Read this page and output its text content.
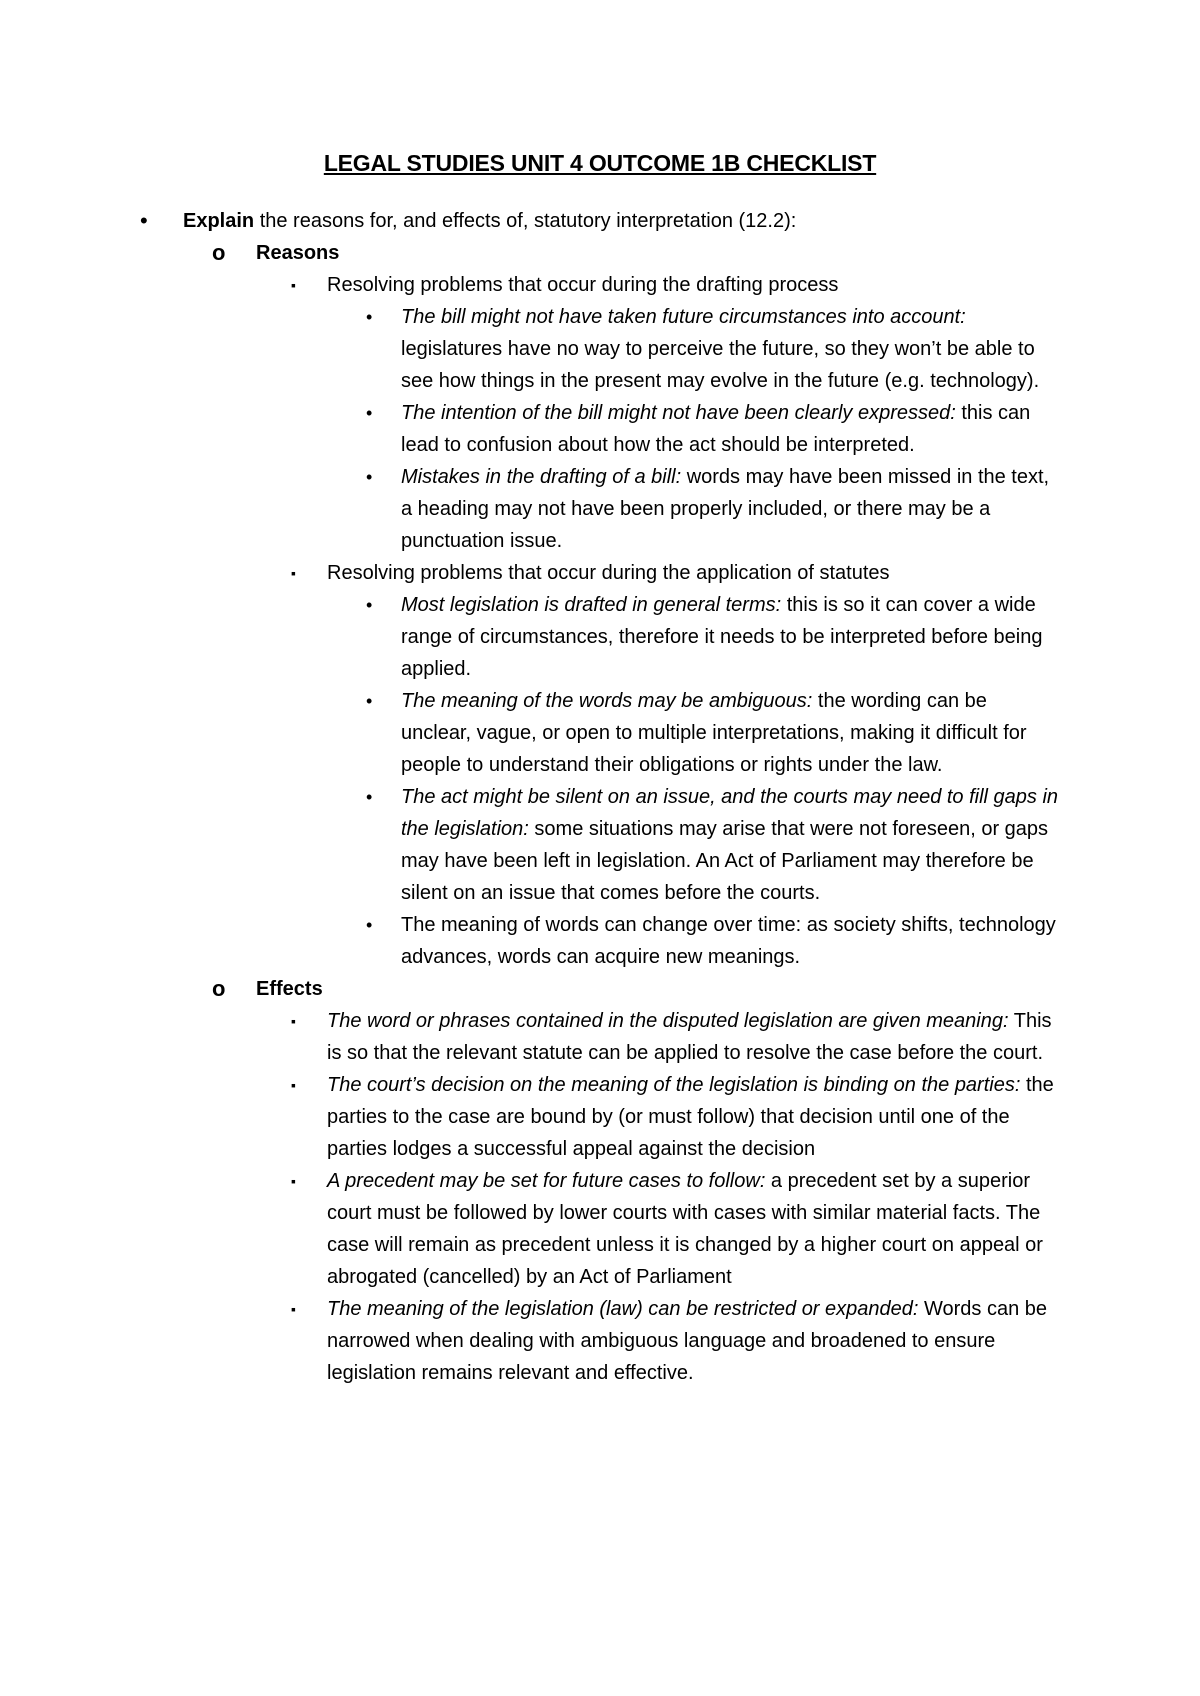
LEGAL STUDIES UNIT 4 OUTCOME 1B CHECKLIST
• Explain the reasons for, and effects of, statutory interpretation (12.2):
o Reasons
▪ Resolving problems that occur during the drafting process
• The bill might not have taken future circumstances into account: legislatures have no way to perceive the future, so they won’t be able to see how things in the present may evolve in the future (e.g. technology).
• The intention of the bill might not have been clearly expressed: this can lead to confusion about how the act should be interpreted.
• Mistakes in the drafting of a bill: words may have been missed in the text, a heading may not have been properly included, or there may be a punctuation issue.
▪ Resolving problems that occur during the application of statutes
• Most legislation is drafted in general terms: this is so it can cover a wide range of circumstances, therefore it needs to be interpreted before being applied.
• The meaning of the words may be ambiguous: the wording can be unclear, vague, or open to multiple interpretations, making it difficult for people to understand their obligations or rights under the law.
• The act might be silent on an issue, and the courts may need to fill gaps in the legislation: some situations may arise that were not foreseen, or gaps may have been left in legislation. An Act of Parliament may therefore be silent on an issue that comes before the courts.
• The meaning of words can change over time: as society shifts, technology advances, words can acquire new meanings.
o Effects
▪ The word or phrases contained in the disputed legislation are given meaning: This is so that the relevant statute can be applied to resolve the case before the court.
▪ The court’s decision on the meaning of the legislation is binding on the parties: the parties to the case are bound by (or must follow) that decision until one of the parties lodges a successful appeal against the decision
▪ A precedent may be set for future cases to follow: a precedent set by a superior court must be followed by lower courts with cases with similar material facts. The case will remain as precedent unless it is changed by a higher court on appeal or abrogated (cancelled) by an Act of Parliament
▪ The meaning of the legislation (law) can be restricted or expanded: Words can be narrowed when dealing with ambiguous language and broadened to ensure legislation remains relevant and effective.
